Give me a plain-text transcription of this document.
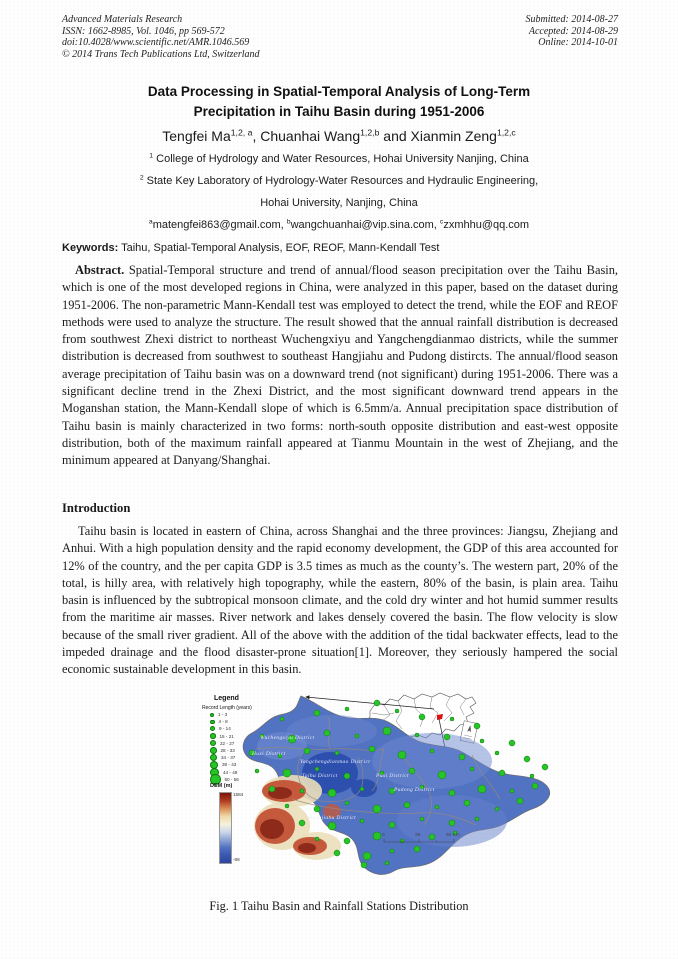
Advanced Materials Research
ISSN: 1662-8985, Vol. 1046, pp 569-572
doi:10.4028/www.scientific.net/AMR.1046.569
© 2014 Trans Tech Publications Ltd, Switzerland
Submitted: 2014-08-27
Accepted: 2014-08-29
Online: 2014-10-01
Data Processing in Spatial-Temporal Analysis of Long-Term Precipitation in Taihu Basin during 1951-2006
Tengfei Ma$^{1,2, a}$, Chuanhai Wang$^{1,2,b}$ and Xianmin Zeng$^{1,2,c}$
$^1$ College of Hydrology and Water Resources, Hohai University Nanjing, China
$^2$ State Key Laboratory of Hydrology-Water Resources and Hydraulic Engineering,
Hohai University, Nanjing, China
$^a$matengfei863@gmail.com, $^b$wangchuanhai@vip.sina.com, $^c$zxmhhu@qq.com
Keywords: Taihu, Spatial-Temporal Analysis, EOF, REOF, Mann-Kendall Test

Abstract. Spatial-Temporal structure and trend of annual/flood season precipitation over the Taihu Basin, which is one of the most developed regions in China, were analyzed in this paper, based on the dataset during 1951-2006. The non-parametric Mann-Kendall test was employed to detect the trend, while the EOF and REOF methods were used to analyze the structure. The result showed that the annual rainfall distribution is decreased from southwest Zhexi district to northeast Wuchengxiyu and Yangchengdianmao districts, while the summer distribution is decreased from southwest to southeast Hangjiahu and Pudong distircts. The annual/flood season average precipitation of Taihu basin was on a downward trend (not significant) during 1951-2006. There was a significant decline trend in the Zhexi District, and the most significant downward trend appears in the Moganshan station, the Mann-Kendall slope of which is 6.5mm/a. Annual precipitation space distribution of Taihu basin is mainly characterized in two forms: north-south opposite distribution and east-west opposite distribution, both of the maximum rainfall appeared at Tianmu Mountain in the west of Zhejiang, and the minimum appeared at Danyang/Shanghai.

Introduction

Taihu basin is located in eastern of China, across Shanghai and the three provinces: Jiangsu, Zhejiang and Anhui. With a high population density and the rapid economy development, the GDP of this area accounted for 12% of the country, and the per capita GDP is 3.5 times as much as the county’s. The western part, 20% of the total, is hilly area, with relatively high topography, while the eastern, 80% of the basin, is plain area. Taihu basin is influenced by the subtropical monsoon climate, and the cold dry winter and hot humid summer results from the maritime air masses. River network and lakes densely covered the basin. The flow velocity is slow because of the small river gradient. All of the above with the addition of the tidal backwater effects, lead to the impeded drainage and the flood disaster-prone situation[1]. Moreover, they seriously hampered the social economic sustainable development in this basin.

Wuchengxiyu District
Huxi District
Yangchengdianmao District
Taihu District	Puxi District
Pudong District
Hangjiahu District
0	25	50 Km
Legend
Record Length (years)
1 - 3
4 - 8
9 - 14
15 - 21
22 - 27
28 - 33
34 - 37
38 - 43
44 - 49
50 - 56
DEM (m)
1584
-88
Fig. 1 Taihu Basin and Rainfall Stations Distribution
